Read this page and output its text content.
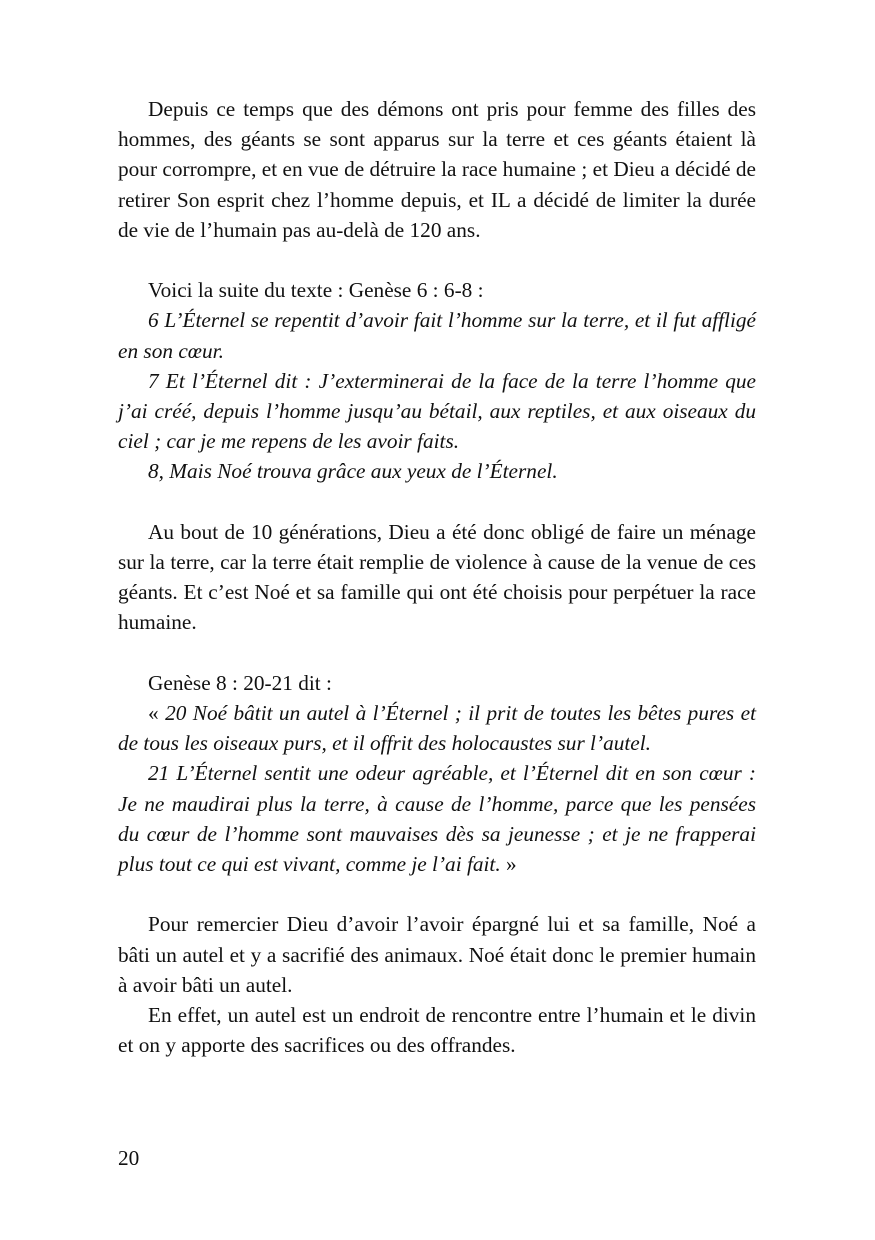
Depuis ce temps que des démons ont pris pour femme des filles des hommes, des géants se sont apparus sur la terre et ces géants étaient là pour corrompre, et en vue de détruire la race humaine ; et Dieu a décidé de retirer Son esprit chez l’homme depuis, et IL a décidé de limiter la durée de vie de l’humain pas au-delà de 120 ans.

Voici la suite du texte : Genèse 6 : 6-8 :

6 L’Éternel se repentit d’avoir fait l’homme sur la terre, et il fut affligé en son cœur.

7 Et l’Éternel dit : J’exterminerai de la face de la terre l’homme que j’ai créé, depuis l’homme jusqu’au bétail, aux reptiles, et aux oiseaux du ciel ; car je me repens de les avoir faits.

8, Mais Noé trouva grâce aux yeux de l’Éternel.

Au bout de 10 générations, Dieu a été donc obligé de faire un ménage sur la terre, car la terre était remplie de violence à cause de la venue de ces géants. Et c’est Noé et sa famille qui ont été choisis pour perpétuer la race humaine.

Genèse 8 : 20-21 dit :

« 20 Noé bâtit un autel à l’Éternel ; il prit de toutes les bêtes pures et de tous les oiseaux purs, et il offrit des holocaustes sur l’autel.

21 L’Éternel sentit une odeur agréable, et l’Éternel dit en son cœur : Je ne maudirai plus la terre, à cause de l’homme, parce que les pensées du cœur de l’homme sont mauvaises dès sa jeunesse ; et je ne frapperai plus tout ce qui est vivant, comme je l’ai fait. »

Pour remercier Dieu d’avoir l’avoir épargné lui et sa famille, Noé a bâti un autel et y a sacrifié des animaux. Noé était donc le premier humain à avoir bâti un autel.

En effet, un autel est un endroit de rencontre entre l’humain et le divin et on y apporte des sacrifices ou des offrandes.

20
